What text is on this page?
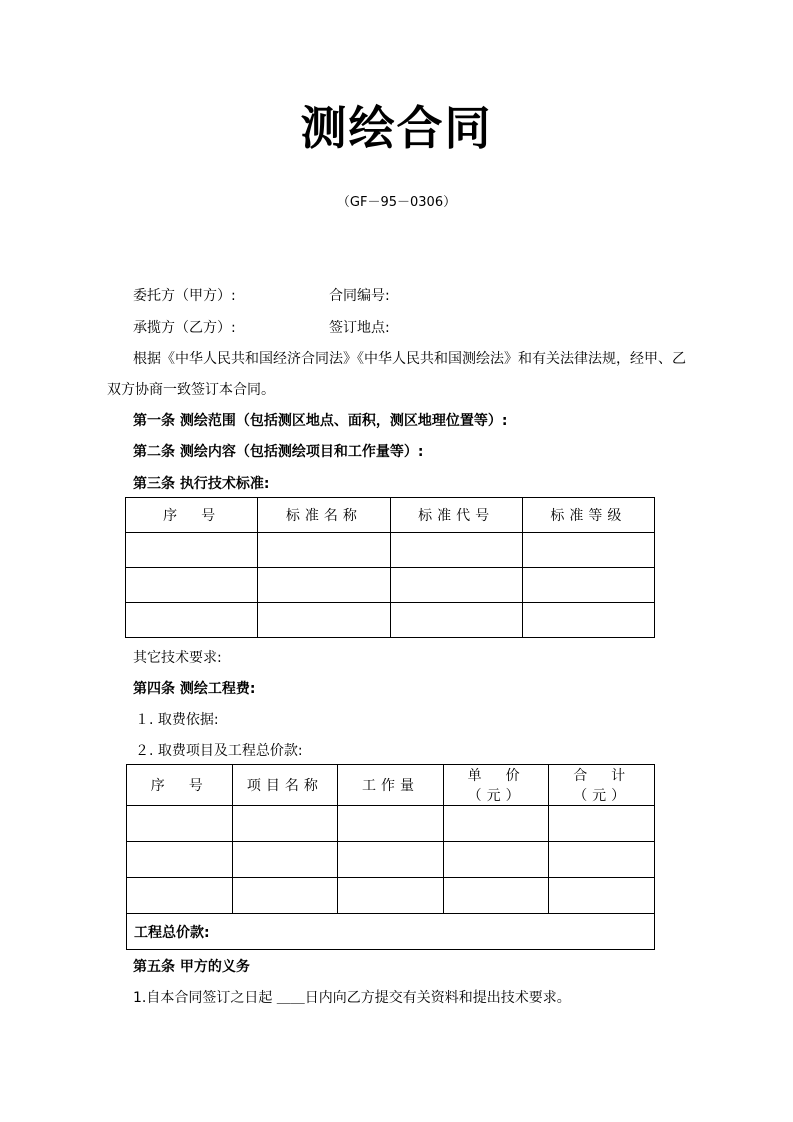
测绘合同
（GF－95－0306）
委托方（甲方）:	合同编号:
承揽方（乙方）:	签订地点:
根据《中华人民共和国经济合同法》《中华人民共和国测绘法》和有关法律法规，经甲、乙
双方协商一致签订本合同。
第一条 测绘范围（包括测区地点、面积，测区地理位置等）:
第二条 测绘内容（包括测绘项目和工作量等）:
第三条 执行技术标准:
序　号	标准名称	标准代号	标准等级

其它技术要求:
第四条 测绘工程费:
１. 取费依据:
２. 取费项目及工程总价款:
序　号	项目名称	工作量	单　价（元）	合　计（元）

工程总价款:				
第五条 甲方的义务
1.自本合同签订之日起 ＿＿日内向乙方提交有关资料和提出技术要求。
